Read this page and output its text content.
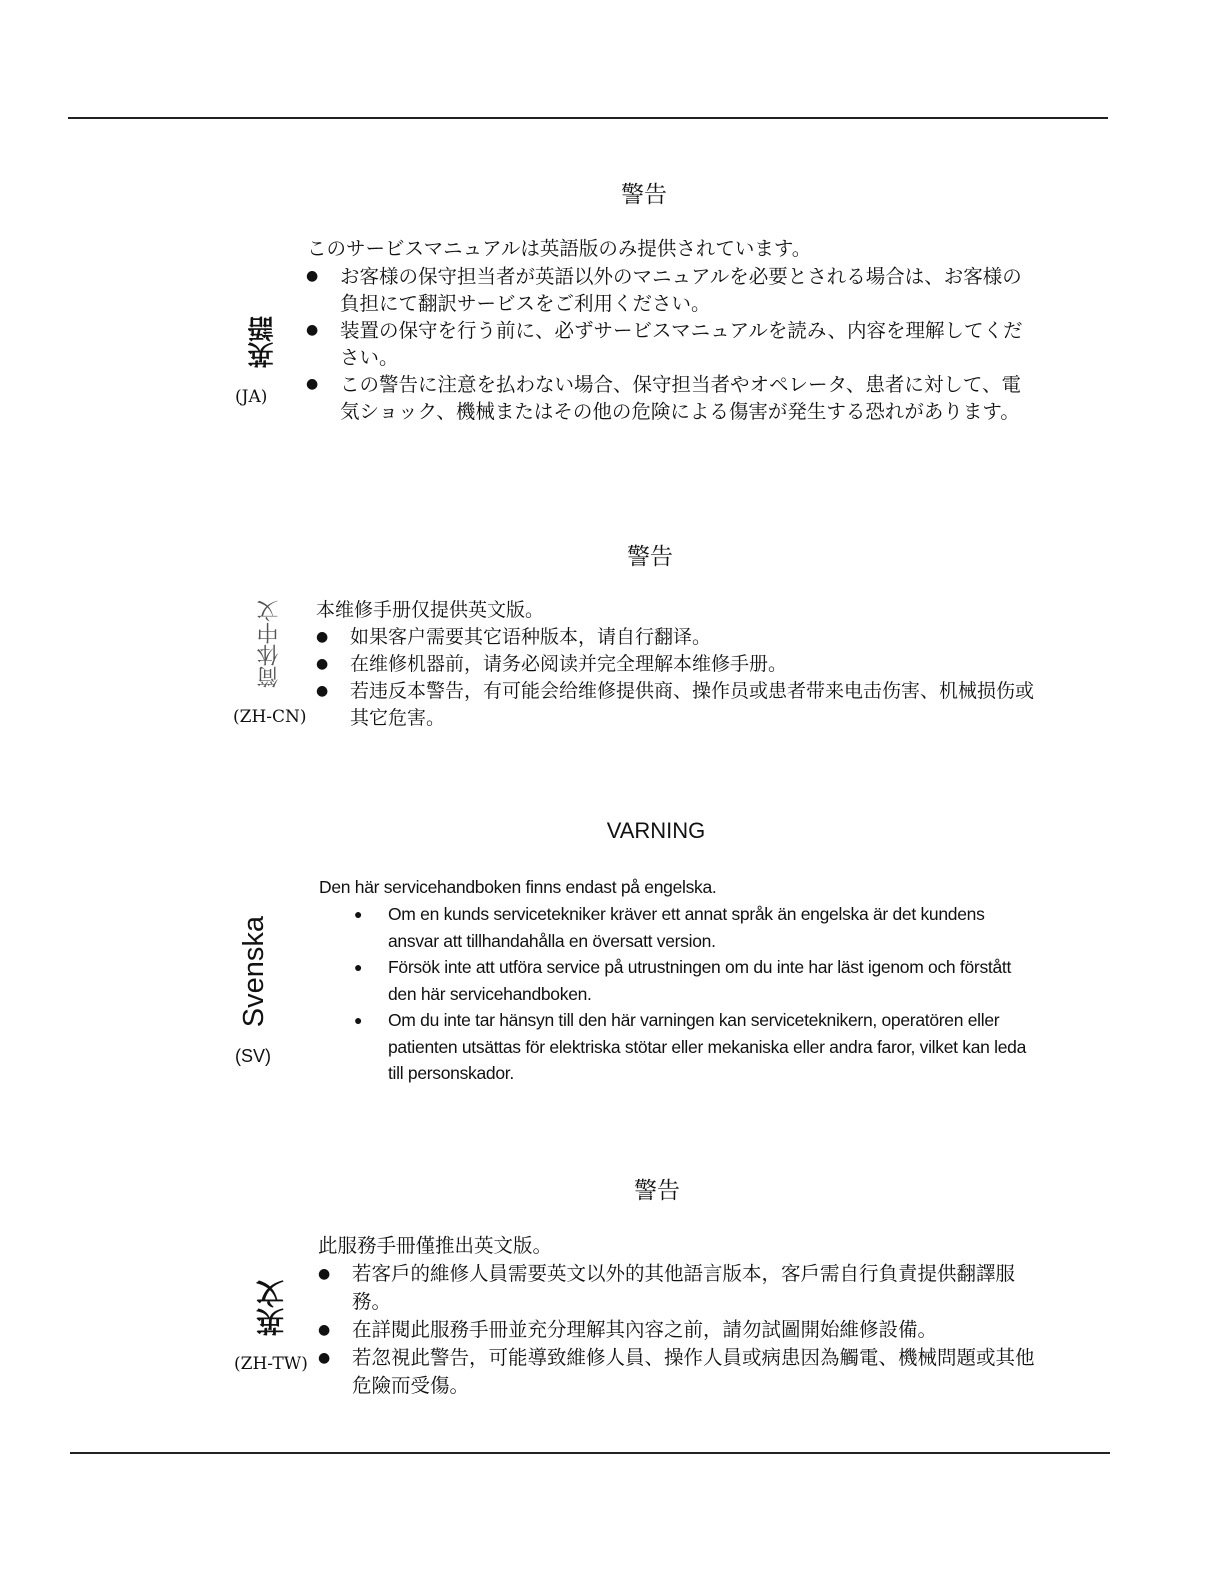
警告
英語
(JA)
このサービスマニュアルは英語版のみ提供されています。
● お客様の保守担当者が英語以外のマニュアルを必要とされる場合は、お客様の負担にて翻訳サービスをご利用ください。
● 装置の保守を行う前に、必ずサービスマニュアルを読み、内容を理解してください。
● この警告に注意を払わない場合、保守担当者やオペレータ、患者に対して、電気ショック、機械またはその他の危険による傷害が発生する恐れがあります。
警告
简体中文
(ZH-CN)
本维修手册仅提供英文版。
● 如果客户需要其它语种版本，请自行翻译。
● 在维修机器前，请务必阅读并完全理解本维修手册。
● 若违反本警告，有可能会给维修提供商、操作员或患者带来电击伤害、机械损伤或其它危害。
VARNING
Svenska
(SV)
Den här servicehandboken finns endast på engelska.
● Om en kunds servicetekniker kräver ett annat språk än engelska är det kundens ansvar att tillhandahålla en översatt version.
● Försök inte att utföra service på utrustningen om du inte har läst igenom och förstått den här servicehandboken.
● Om du inte tar hänsyn till den här varningen kan serviceteknikern, operatören eller patienten utsättas för elektriska stötar eller mekaniska eller andra faror, vilket kan leda till personskador.
警告
英文
(ZH-TW)
此服務手冊僅推出英文版。
● 若客戶的維修人員需要英文以外的其他語言版本，客戶需自行負責提供翻譯服務。
● 在詳閱此服務手冊並充分理解其內容之前，請勿試圖開始維修設備。
● 若忽視此警告，可能導致維修人員、操作人員或病患因為觸電、機械問題或其他危險而受傷。
